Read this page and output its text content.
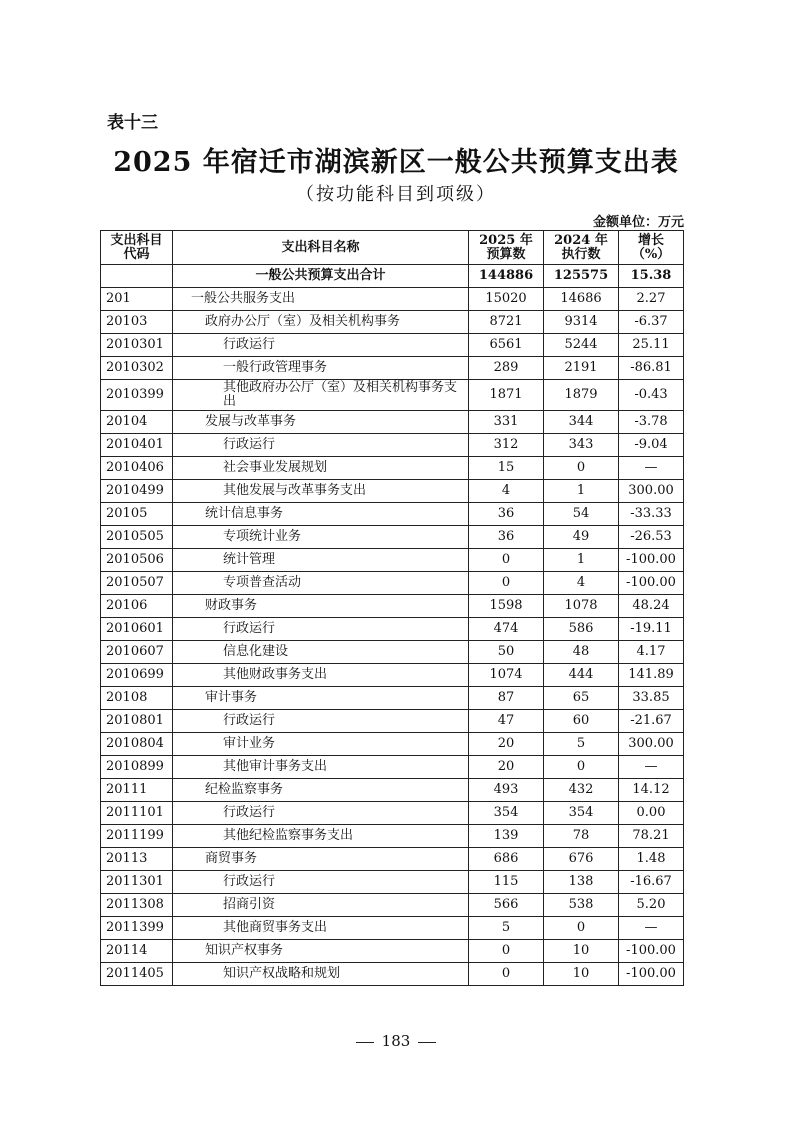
表十三
2025 年宿迁市湖滨新区一般公共预算支出表
（按功能科目到项级）
金额单位：万元
支出科目代码	支出科目名称	2025 年预算数	2024 年执行数	增长（%）
	一般公共预算支出合计	144886	125575	15.38
201	一般公共服务支出	15020	14686	2.27
20103	政府办公厅（室）及相关机构事务	8721	9314	-6.37
2010301	行政运行	6561	5244	25.11
2010302	一般行政管理事务	289	2191	-86.81
2010399	其他政府办公厅（室）及相关机构事务支出	1871	1879	-0.43
20104	发展与改革事务	331	344	-3.78
2010401	行政运行	312	343	-9.04
2010406	社会事业发展规划	15	0	—
2010499	其他发展与改革事务支出	4	1	300.00
20105	统计信息事务	36	54	-33.33
2010505	专项统计业务	36	49	-26.53
2010506	统计管理	0	1	-100.00
2010507	专项普查活动	0	4	-100.00
20106	财政事务	1598	1078	48.24
2010601	行政运行	474	586	-19.11
2010607	信息化建设	50	48	4.17
2010699	其他财政事务支出	1074	444	141.89
20108	审计事务	87	65	33.85
2010801	行政运行	47	60	-21.67
2010804	审计业务	20	5	300.00
2010899	其他审计事务支出	20	0	—
20111	纪检监察事务	493	432	14.12
2011101	行政运行	354	354	0.00
2011199	其他纪检监察事务支出	139	78	78.21
20113	商贸事务	686	676	1.48
2011301	行政运行	115	138	-16.67
2011308	招商引资	566	538	5.20
2011399	其他商贸事务支出	5	0	—
20114	知识产权事务	0	10	-100.00
2011405	知识产权战略和规划	0	10	-100.00
183
